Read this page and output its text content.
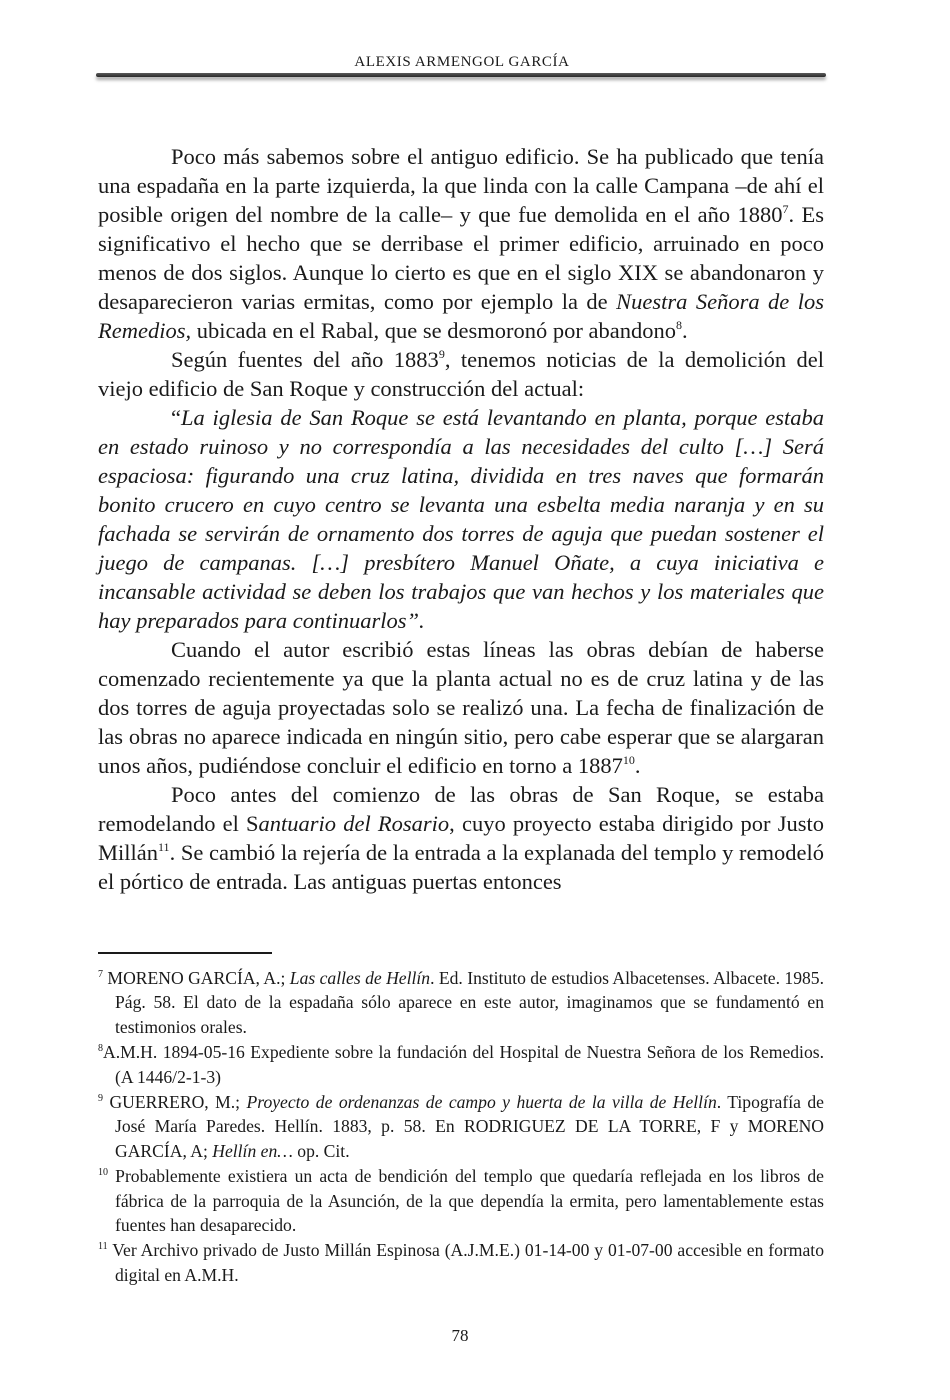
ALEXIS ARMENGOL GARCÍA

Poco más sabemos sobre el antiguo edificio. Se ha publicado que tenía una espadaña en la parte izquierda, la que linda con la calle Campana –de ahí el posible origen del nombre de la calle– y que fue demolida en el año 1880$^7$. Es significativo el hecho que se derribase el primer edificio, arruinado en poco menos de dos siglos. Aunque lo cierto es que en el siglo XIX se abandonaron y desaparecieron varias ermitas, como por ejemplo la de Nuestra Señora de los Remedios, ubicada en el Rabal, que se desmoronó por abandono$^8$.

Según fuentes del año 1883$^9$, tenemos noticias de la demolición del viejo edificio de San Roque y construcción del actual:

“La iglesia de San Roque se está levantando en planta, porque estaba en estado ruinoso y no correspondía a las necesidades del culto […] Será espaciosa: figurando una cruz latina, dividida en tres naves que formarán bonito crucero en cuyo centro se levanta una esbelta media naranja y en su fachada se servirán de ornamento dos torres de aguja que puedan sostener el juego de campanas. […] presbítero Manuel Oñate, a cuya iniciativa e incansable actividad se deben los trabajos que van hechos y los materiales que hay preparados para continuarlos”.

Cuando el autor escribió estas líneas las obras debían de haberse comenzado recientemente ya que la planta actual no es de cruz latina y de las dos torres de aguja proyectadas solo se realizó una. La fecha de finalización de las obras no aparece indicada en ningún sitio, pero cabe esperar que se alargaran unos años, pudiéndose concluir el edificio en torno a 1887$^{10}$.

Poco antes del comienzo de las obras de San Roque, se estaba remodelando el Santuario del Rosario, cuyo proyecto estaba dirigido por Justo Millán$^{11}$. Se cambió la rejería de la entrada a la explanada del templo y remodeló el pórtico de entrada. Las antiguas puertas entonces

$^7$ MORENO GARCÍA, A.; Las calles de Hellín. Ed. Instituto de estudios Albacetenses. Albacete. 1985. Pág. 58. El dato de la espadaña sólo aparece en este autor, imaginamos que se fundamentó en testimonios orales.

$^8$A.M.H. 1894-05-16 Expediente sobre la fundación del Hospital de Nuestra Señora de los Remedios. (A 1446/2-1-3)

$^9$ GUERRERO, M.; Proyecto de ordenanzas de campo y huerta de la villa de Hellín. Tipografía de José María Paredes. Hellín. 1883, p. 58. En RODRIGUEZ DE LA TORRE, F y MORENO GARCÍA, A; Hellín en… op. Cit.

$^{10}$ Probablemente existiera un acta de bendición del templo que quedaría reflejada en los libros de fábrica de la parroquia de la Asunción, de la que dependía la ermita, pero lamentablemente estas fuentes han desaparecido.

$^{11}$ Ver Archivo privado de Justo Millán Espinosa (A.J.M.E.) 01-14-00 y 01-07-00 accesible en formato digital en A.M.H.

78
